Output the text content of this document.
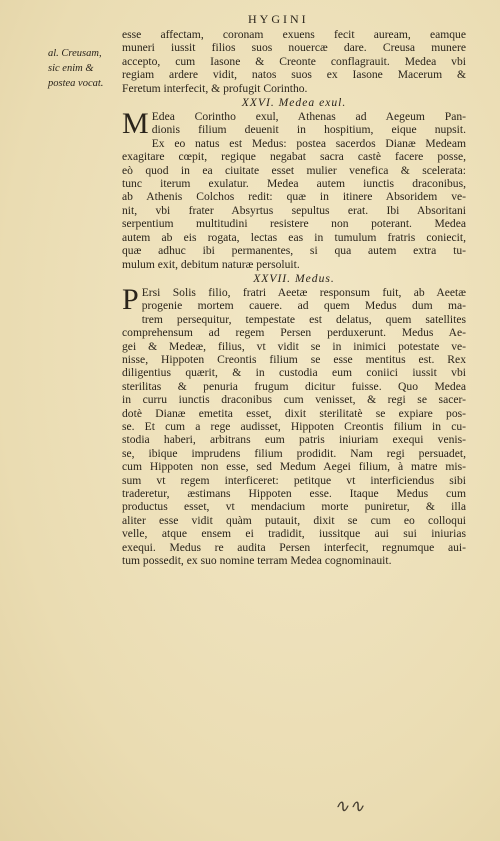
HYGINI
al. Creusam,
sic enim &
postea vocat.
esse affectam, coronam exuens fecit auream, eamque
muneri iussit filios suos nouercæ dare. Creusa munere
accepto, cum Iasone & Creonte conflagrauit. Medea vbi
regiam ardere vidit, natos suos ex Iasone Macerum &
Feretum interfecit, & profugit Corintho.
XXVI. Medea exul.
M Edea Corintho exul, Athenas ad Aegeum Pan-
dionis filium deuenit in hospitium, eique nupsit.
Ex eo natus est Medus: postea sacerdos Dianæ Medeam
exagitare cœpit, regique negabat sacra castè facere posse,
eò quod in ea ciuitate esset mulier venefica & scelerata:
tunc iterum exulatur. Medea autem iunctis draconibus,
ab Athenis Colchos redit: quæ in itinere Absoridem ve-
nit, vbi frater Absyrtus sepultus erat. Ibi Absoritani
serpentium multitudini resistere non poterant. Medea
autem ab eis rogata, lectas eas in tumulum fratris coniecit,
quæ adhuc ibi permanentes, si qua autem extra tu-
mulum exit, debitum naturæ persoluit.
XXVII. Medus.
P Ersi Solis filio, fratri Aeetæ responsum fuit, ab Aeetæ
progenie mortem cauere. ad quem Medus dum ma-
trem persequitur, tempestate est delatus, quem satellites
comprehensum ad regem Persen perduxerunt. Medus Ae-
gei & Medeæ, filius, vt vidit se in inimici potestate ve-
nisse, Hippoten Creontis filium se esse mentitus est. Rex
diligentius quærit, & in custodia eum coniici iussit vbi
sterilitas & penuria frugum dicitur fuisse. Quo Medea
in curru iunctis draconibus cum venisset, & regi se sacer-
dotè Dianæ emetita esset, dixit sterilitatè se expiare pos-
se. Et cum a rege audisset, Hippoten Creontis filium in cu-
stodia haberi, arbitrans eum patris iniuriam exequi venis-
se, ibique imprudens filium prodidit. Nam regi persuadet,
cum Hippoten non esse, sed Medum Aegei filium, à matre mis-
sum vt regem interficeret: petitque vt interficiendus sibi
traderetur, æstimans Hippoten esse. Itaque Medus cum
productus esset, vt mendacium morte puniretur, & illa
aliter esse vidit quàm putauit, dixit se cum eo colloqui
velle, atque ensem ei tradidit, iussitque aui sui iniurias
exequi. Medus re audita Persen interfecit, regnumque aui-
tum possedit, ex suo nomine terram Medea cognominauit.
∿∿
